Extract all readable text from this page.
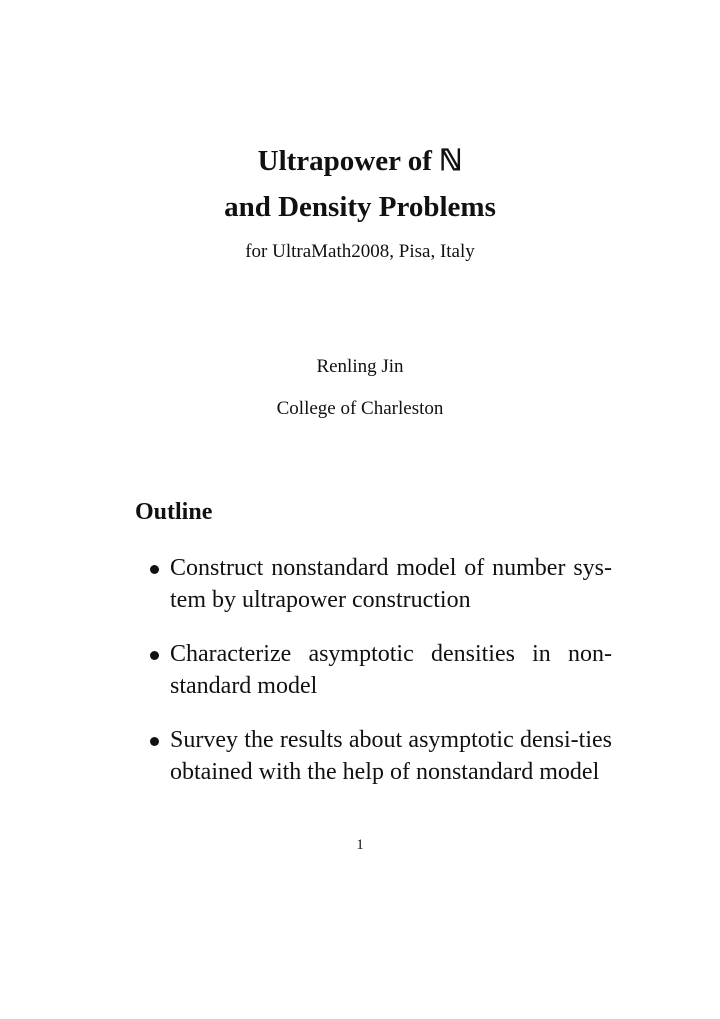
Ultrapower of ℕ
and Density Problems
for UltraMath2008, Pisa, Italy
Renling Jin
College of Charleston
Outline
Construct nonstandard model of number sys-tem by ultrapower construction
Characterize asymptotic densities in non-standard model
Survey the results about asymptotic densi-ties obtained with the help of nonstandard model
1
